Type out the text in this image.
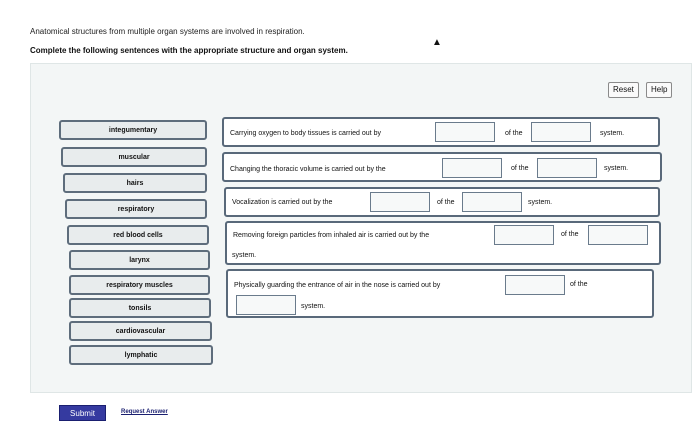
Anatomical structures from multiple organ systems are involved in respiration.
Complete the following sentences with the appropriate structure and organ system.
▲
Reset	Help
integumentary
muscular
hairs
respiratory
red blood cells
larynx
respiratory muscles
tonsils
cardiovascular
lymphatic
Carrying oxygen to body tissues is carried out by	of the	system.
Changing the thoracic volume is carried out by the	of the	system.
Vocalization is carried out by the	of the	system.
Removing foreign particles from inhaled air is carried out by the	of the
system.
Physically guarding the entrance of air in the nose is carried out by	of the
system.
Submit	Request Answer
